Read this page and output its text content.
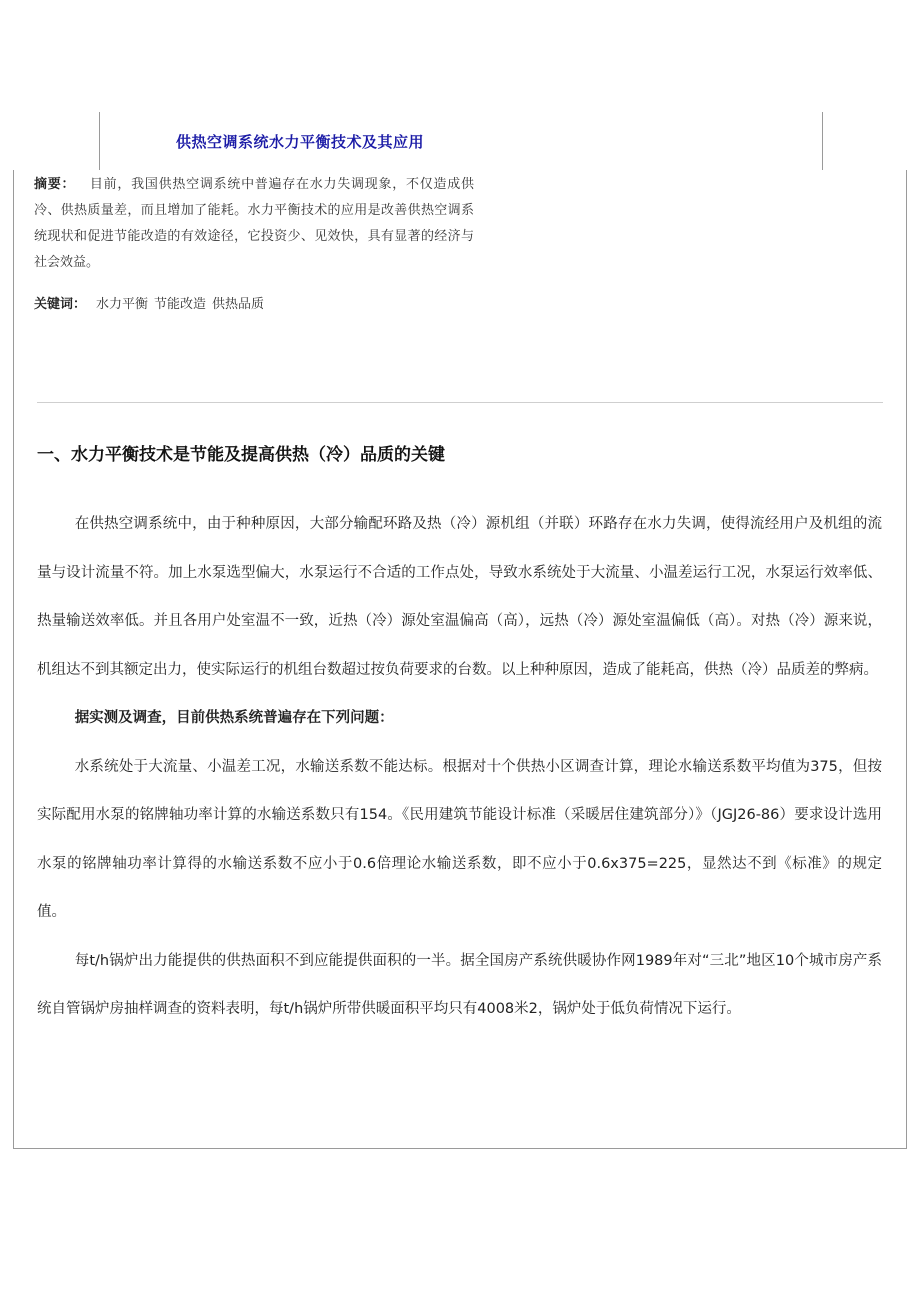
供热空调系统水力平衡技术及其应用
摘要： 目前，我国供热空调系统中普遍存在水力失调现象，不仅造成供冷、供热质量差，而且增加了能耗。水力平衡技术的应用是改善供热空调系统现状和促进节能改造的有效途径，它投资少、见效快，具有显著的经济与社会效益。
关键词： 水力平衡 节能改造 供热品质
一、水力平衡技术是节能及提高供热（冷）品质的关键

在供热空调系统中，由于种种原因，大部分输配环路及热（冷）源机组（并联）环路存在水力失调，使得流经用户及机组的流量与设计流量不符。加上水泵选型偏大，水泵运行不合适的工作点处，导致水系统处于大流量、小温差运行工况，水泵运行效率低、热量输送效率低。并且各用户处室温不一致，近热（冷）源处室温偏高（高），远热（冷）源处室温偏低（高）。对热（冷）源来说，机组达不到其额定出力，使实际运行的机组台数超过按负荷要求的台数。以上种种原因，造成了能耗高，供热（冷）品质差的弊病。

据实测及调查，目前供热系统普遍存在下列问题：

水系统处于大流量、小温差工况，水输送系数不能达标。根据对十个供热小区调查计算，理论水输送系数平均值为375，但按实际配用水泵的铭牌轴功率计算的水输送系数只有154。《民用建筑节能设计标准（采暖居住建筑部分）》（JGJ26-86）要求设计选用水泵的铭牌轴功率计算得的水输送系数不应小于0.6倍理论水输送系数，即不应小于0.6x375=225，显然达不到《标准》的规定值。

每t/h锅炉出力能提供的供热面积不到应能提供面积的一半。据全国房产系统供暖协作网1989年对“三北”地区10个城市房产系统自管锅炉房抽样调查的资料表明，每t/h锅炉所带供暖面积平均只有4008米2，锅炉处于低负荷情况下运行。
